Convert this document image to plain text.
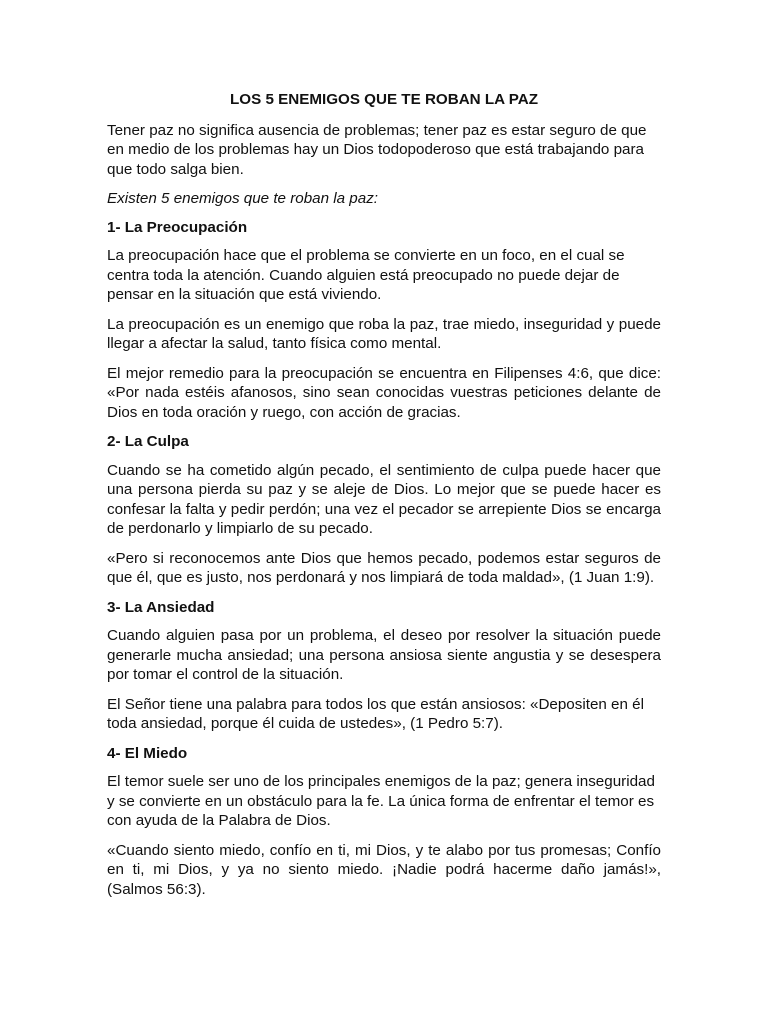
LOS 5 ENEMIGOS QUE TE ROBAN LA PAZ

Tener paz no significa ausencia de problemas; tener paz es estar seguro de que en medio de los problemas hay un Dios todopoderoso que está trabajando para que todo salga bien.

Existen 5 enemigos que te roban la paz:

1- La Preocupación

La preocupación hace que el problema se convierte en un foco, en el cual se centra toda la atención. Cuando alguien está preocupado no puede dejar de pensar en la situación que está viviendo.

La preocupación es un enemigo que roba la paz, trae miedo, inseguridad y puede llegar a afectar la salud, tanto física como mental.

El mejor remedio para la preocupación se encuentra en Filipenses 4:6, que dice: «Por nada estéis afanosos, sino sean conocidas vuestras peticiones delante de Dios en toda oración y ruego, con acción de gracias.

2- La Culpa

Cuando se ha cometido algún pecado, el sentimiento de culpa puede hacer que una persona pierda su paz y se aleje de Dios. Lo mejor que se puede hacer es confesar la falta y pedir perdón; una vez el pecador se arrepiente Dios se encarga de perdonarlo y limpiarlo de su pecado.

«Pero si reconocemos ante Dios que hemos pecado, podemos estar seguros de que él, que es justo, nos perdonará y nos limpiará de toda maldad», (1 Juan 1:9).

3- La Ansiedad

Cuando alguien pasa por un problema, el deseo por resolver la situación puede generarle mucha ansiedad; una persona ansiosa siente angustia y se desespera por tomar el control de la situación.

El Señor tiene una palabra para todos los que están ansiosos: «Depositen en él toda ansiedad, porque él cuida de ustedes», (1 Pedro 5:7).

4- El Miedo

El temor suele ser uno de los principales enemigos de la paz; genera inseguridad y se convierte en un obstáculo para la fe. La única forma de enfrentar el temor es con ayuda de la Palabra de Dios.

«Cuando siento miedo, confío en ti, mi Dios, y te alabo por tus promesas; Confío en ti, mi Dios, y ya no siento miedo. ¡Nadie podrá hacerme daño jamás!», (Salmos 56:3).
